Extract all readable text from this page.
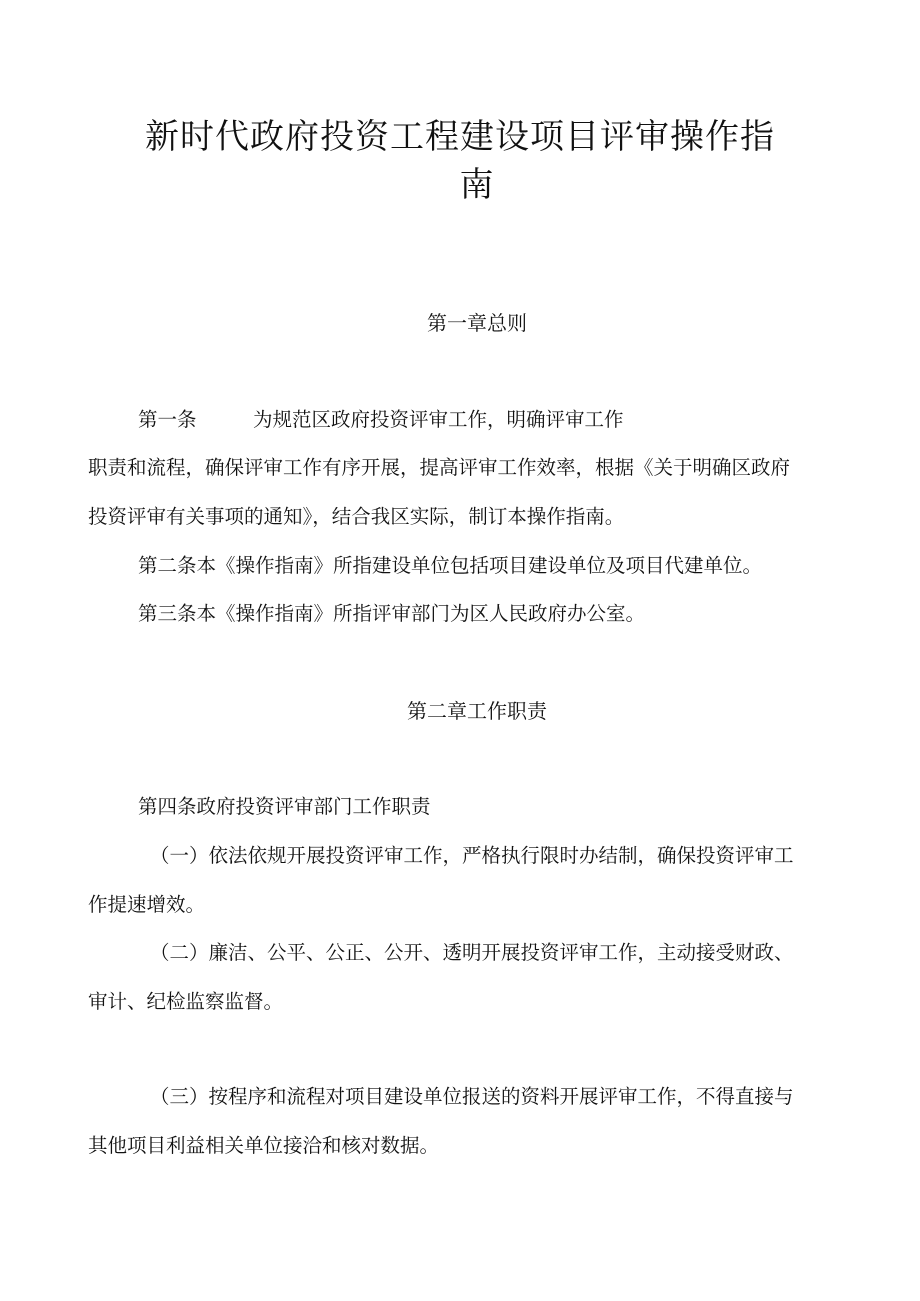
新时代政府投资工程建设项目评审操作指
南
第一章总则

第一条	为规范区政府投资评审工作，明确评审工作

职责和流程，确保评审工作有序开展，提高评审工作效率，根据《关于明确区政府

投资评审有关事项的通知》，结合我区实际，制订本操作指南。

第二条本《操作指南》所指建设单位包括项目建设单位及项目代建单位。

第三条本《操作指南》所指评审部门为区人民政府办公室。

第二章工作职责

第四条政府投资评审部门工作职责

（一）依法依规开展投资评审工作，严格执行限时办结制，确保投资评审工

作提速增效。

（二）廉洁、公平、公正、公开、透明开展投资评审工作，主动接受财政、

审计、纪检监察监督。

（三）按程序和流程对项目建设单位报送的资料开展评审工作，不得直接与

其他项目利益相关单位接洽和核对数据。
